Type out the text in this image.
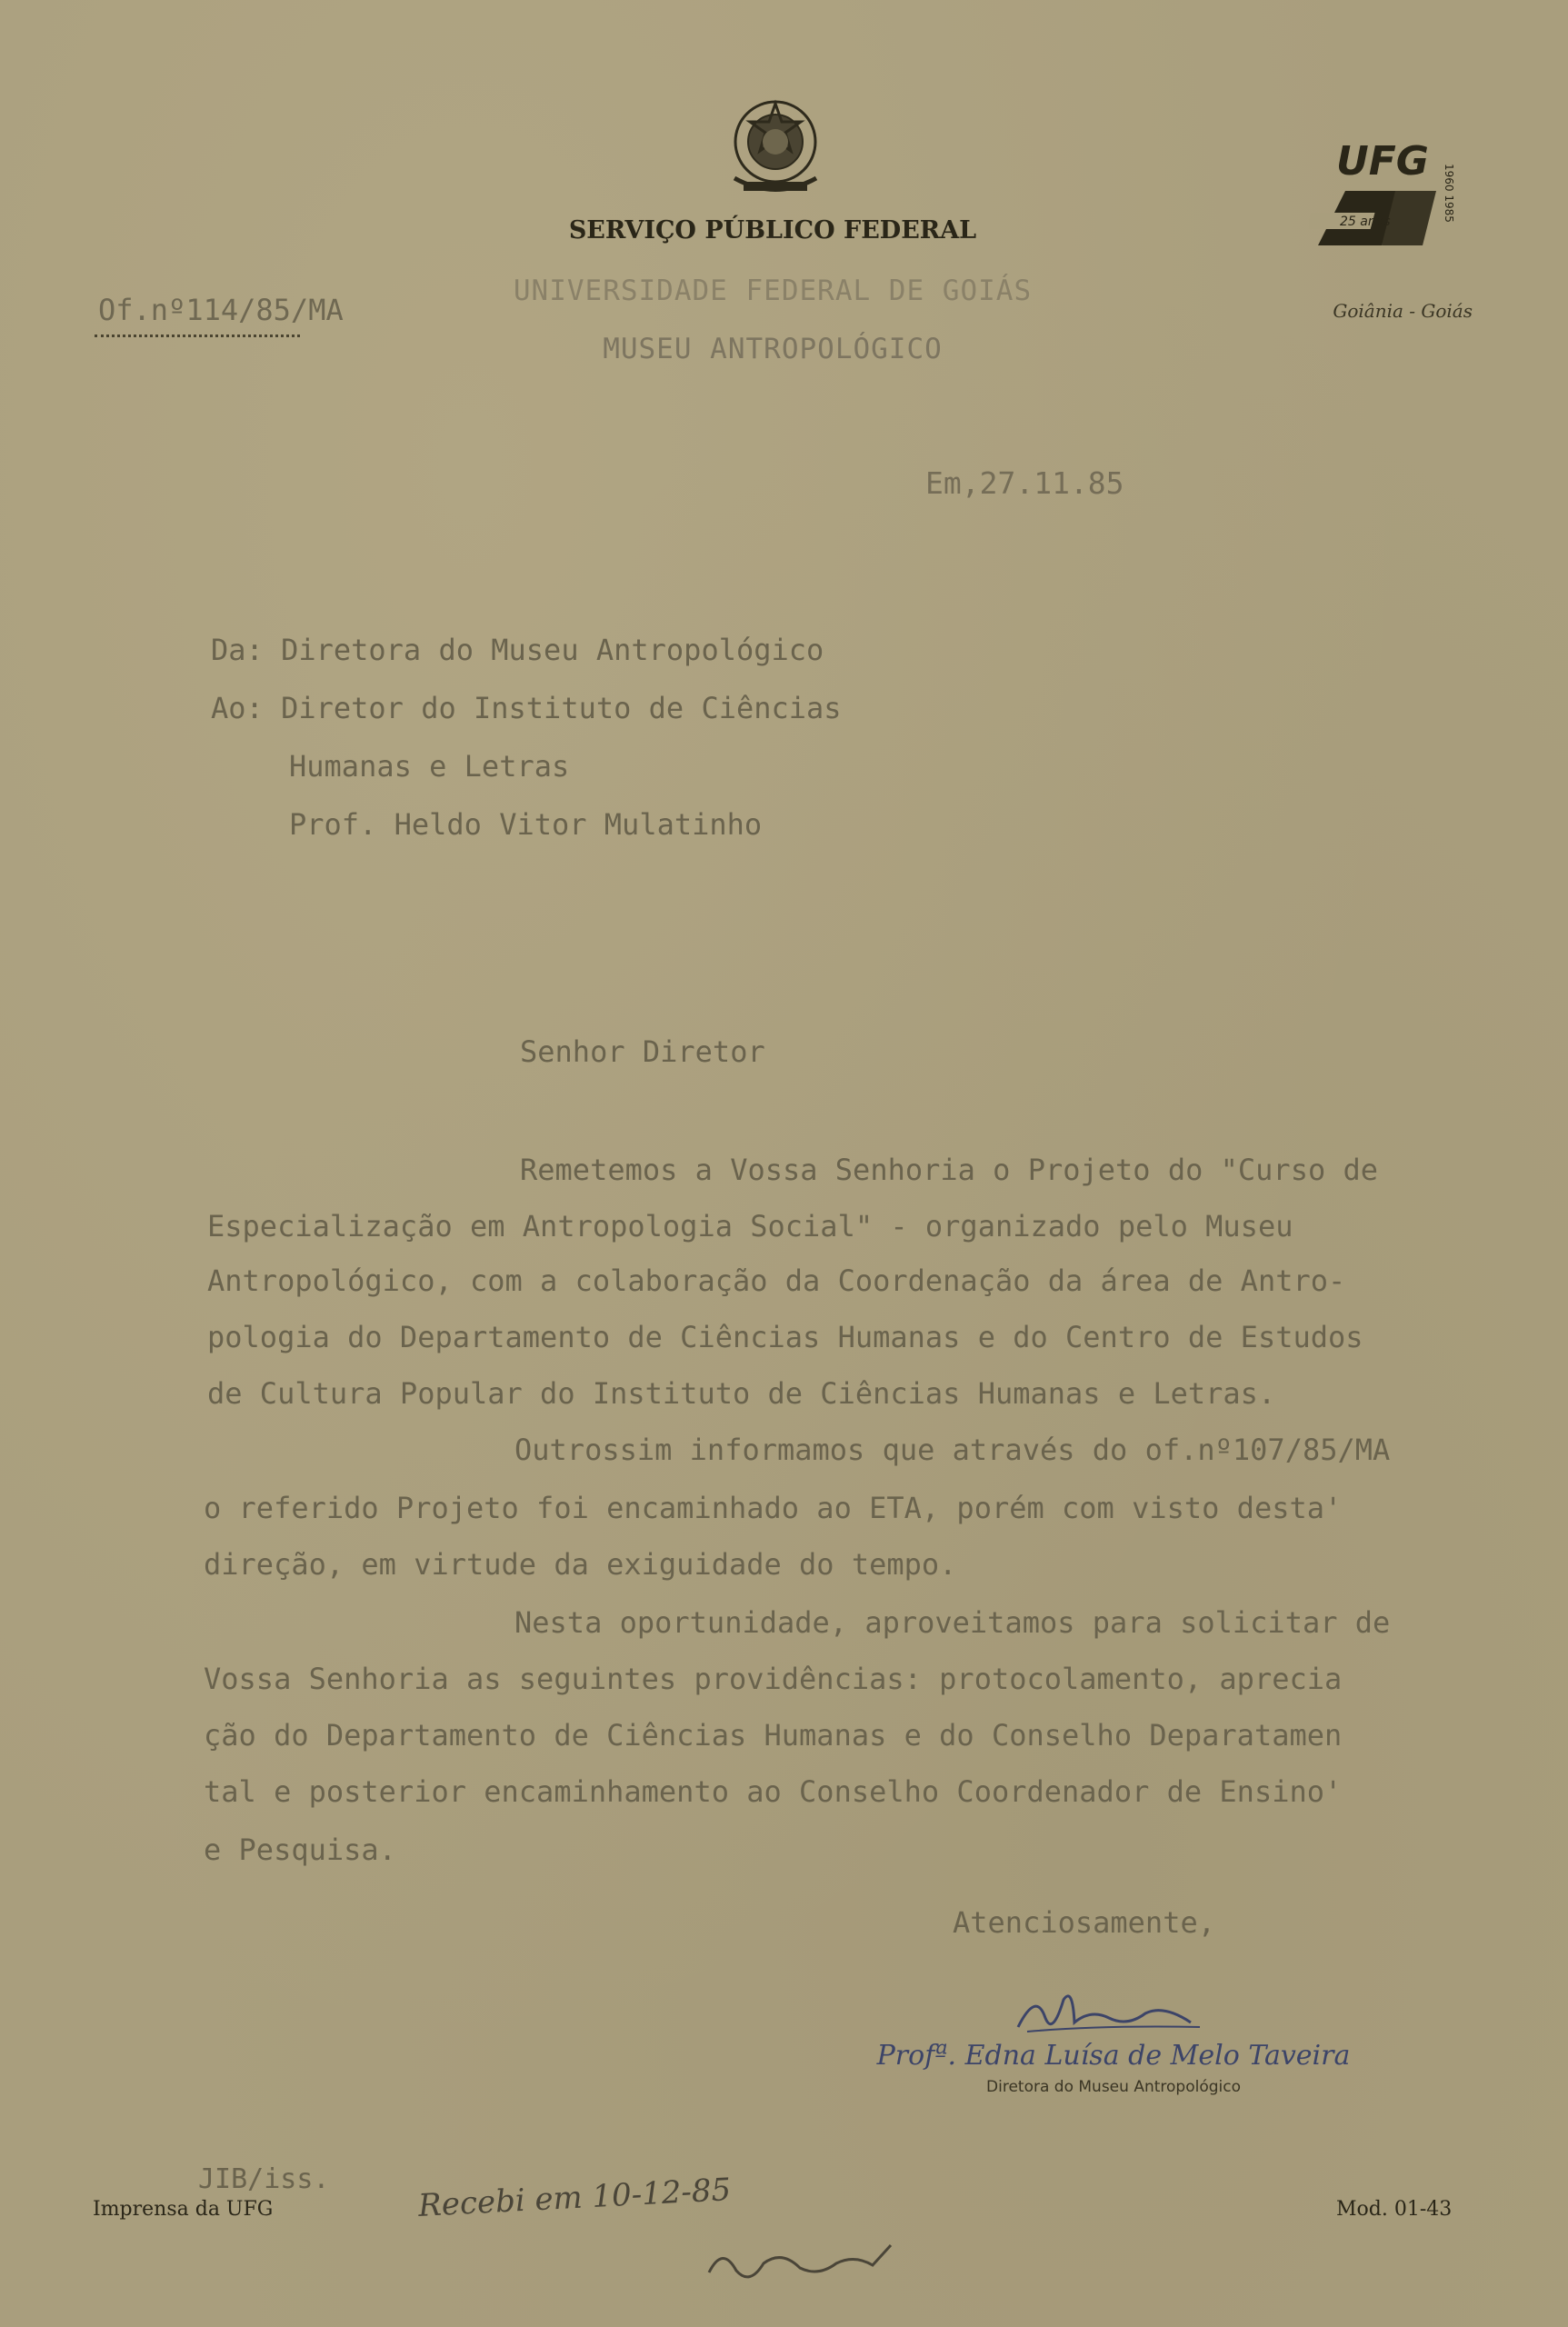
SERVIÇO PÚBLICO FEDERAL
UNIVERSIDADE FEDERAL DE GOIÁS
MUSEU ANTROPOLÓGICO
Of.nº114/85/MA
UFG
25 anos	1960 1985
Goiânia - Goiás
Em,27.11.85
Da: Diretora do Museu Antropológico
Ao: Diretor do Instituto de Ciências
Humanas e Letras
Prof. Heldo Vitor Mulatinho
Senhor Diretor
Remetemos a Vossa Senhoria o Projeto do "Curso de
Especialização em Antropologia Social" - organizado pelo Museu
Antropológico, com a colaboração da Coordenação da área de Antro-
pologia do Departamento de Ciências Humanas e do Centro de Estudos
de Cultura Popular do Instituto de Ciências Humanas e Letras.
Outrossim informamos que através do of.nº107/85/MA
o referido Projeto foi encaminhado ao ETA, porém com visto desta'
direção, em virtude da exiguidade do tempo.
Nesta oportunidade, aproveitamos para solicitar de
Vossa Senhoria as seguintes providências: protocolamento, aprecia
ção do Departamento de Ciências Humanas e do Conselho Deparatamen
tal e posterior encaminhamento ao Conselho Coordenador de Ensino'
e Pesquisa.
Atenciosamente,
Profª. Edna Luísa de Melo Taveira
Diretora do Museu Antropológico
JIB/iss.
Imprensa da UFG	Mod. 01-43
Recebi em 10-12-85
